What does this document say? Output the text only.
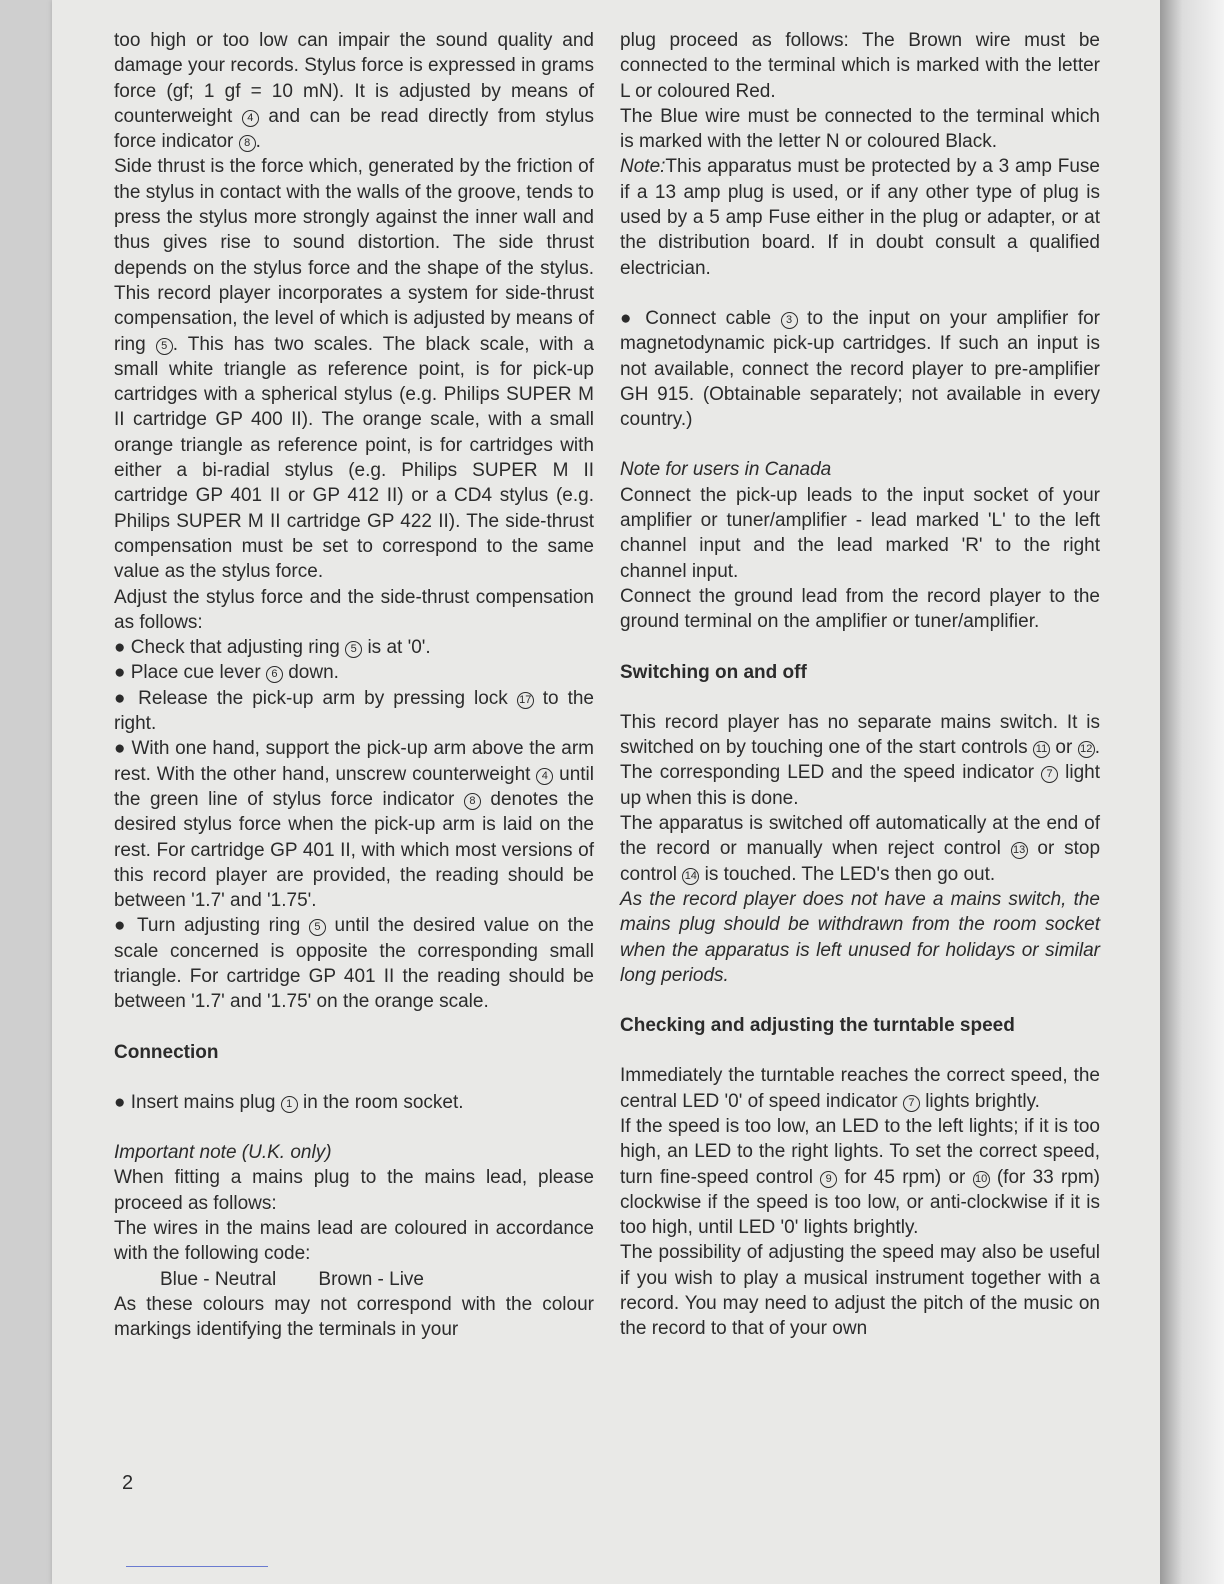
too high or too low can impair the sound quality and damage your records. Stylus force is expressed in grams force (gf; 1 gf = 10 mN). It is adjusted by means of counterweight 4 and can be read directly from stylus force indicator 8 .

Side thrust is the force which, generated by the friction of the stylus in contact with the walls of the groove, tends to press the stylus more strongly against the inner wall and thus gives rise to sound distortion. The side thrust depends on the stylus force and the shape of the stylus. This record player incorporates a system for side-thrust compensation, the level of which is adjusted by means of ring 5 . This has two scales. The black scale, with a small white triangle as reference point, is for pick-up cartridges with a spherical stylus (e.g. Philips SUPER M II cartridge GP 400 II). The orange scale, with a small orange triangle as reference point, is for cartridges with either a bi-radial stylus (e.g. Philips SUPER M II cartridge GP 401 II or GP 412 II) or a CD4 stylus (e.g. Philips SUPER M II cartridge GP 422 II). The side-thrust compensation must be set to correspond to the same value as the stylus force.

Adjust the stylus force and the side-thrust compensation as follows:

● Check that adjusting ring 5 is at '0'.

● Place cue lever 6 down.

● Release the pick-up arm by pressing lock 17 to the right.

● With one hand, support the pick-up arm above the arm rest. With the other hand, unscrew counterweight 4 until the green line of stylus force indicator 8 denotes the desired stylus force when the pick-up arm is laid on the rest. For cartridge GP 401 II, with which most versions of this record player are provided, the reading should be between '1.7' and '1.75'.

● Turn adjusting ring 5 until the desired value on the scale concerned is opposite the corresponding small triangle. For cartridge GP 401 II the reading should be between '1.7' and '1.75' on the orange scale.

Connection

● Insert mains plug 1 in the room socket.

Important note (U.K. only)

When fitting a mains plug to the mains lead, please proceed as follows:

The wires in the mains lead are coloured in accordance with the following code:

Blue - Neutral Brown - Live

As these colours may not correspond with the colour markings identifying the terminals in your

plug proceed as follows: The Brown wire must be connected to the terminal which is marked with the letter L or coloured Red.

The Blue wire must be connected to the terminal which is marked with the letter N or coloured Black.

Note:This apparatus must be protected by a 3 amp Fuse if a 13 amp plug is used, or if any other type of plug is used by a 5 amp Fuse either in the plug or adapter, or at the distribution board. If in doubt consult a qualified electrician.

● Connect cable 3 to the input on your amplifier for magnetodynamic pick-up cartridges. If such an input is not available, connect the record player to pre-amplifier GH 915. (Obtainable separately; not available in every country.)

Note for users in Canada

Connect the pick-up leads to the input socket of your amplifier or tuner/amplifier - lead marked 'L' to the left channel input and the lead marked 'R' to the right channel input.

Connect the ground lead from the record player to the ground terminal on the amplifier or tuner/amplifier.

Switching on and off

This record player has no separate mains switch. It is switched on by touching one of the start controls 11 or 12 . The corresponding LED and the speed indicator 7 light up when this is done.

The apparatus is switched off automatically at the end of the record or manually when reject control 13 or stop control 14 is touched. The LED's then go out.

As the record player does not have a mains switch, the mains plug should be withdrawn from the room socket when the apparatus is left unused for holidays or similar long periods.

Checking and adjusting the turntable speed

Immediately the turntable reaches the correct speed, the central LED '0' of speed indicator 7 lights brightly.

If the speed is too low, an LED to the left lights; if it is too high, an LED to the right lights. To set the correct speed, turn fine-speed control 9 for 45 rpm) or 10 (for 33 rpm) clockwise if the speed is too low, or anti-clockwise if it is too high, until LED '0' lights brightly.

The possibility of adjusting the speed may also be useful if you wish to play a musical instrument together with a record. You may need to adjust the pitch of the music on the record to that of your own

2
